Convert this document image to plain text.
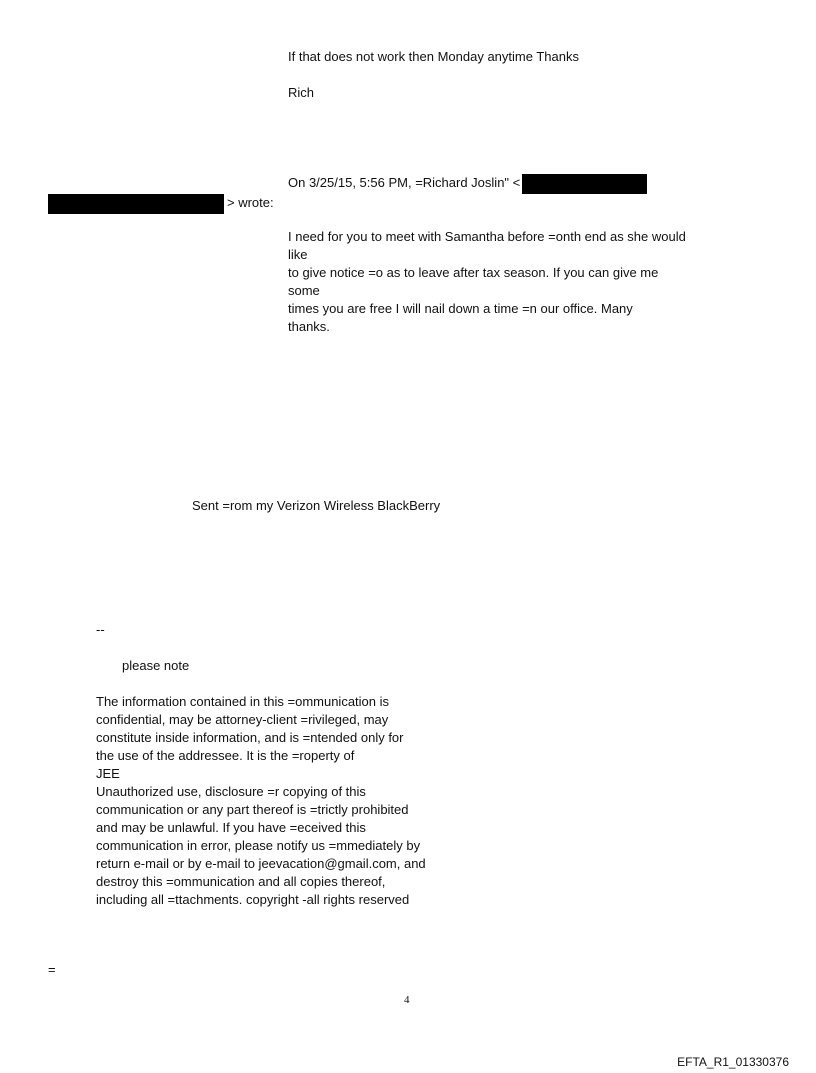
If that does not work then Monday anytime Thanks
Rich
On 3/25/15, 5:56 PM, =Richard Joslin" <
> wrote:
I need for you to meet with Samantha before =onth end as she would
like
to give notice =o as to leave after tax season. If you can give me
some
times you are free I will nail down a time =n our office. Many
thanks.
Sent =rom my Verizon Wireless BlackBerry
--
please note
The information contained in this =ommunication is
confidential, may be attorney-client =rivileged, may
constitute inside information, and is =ntended only for
the use of the addressee. It is the =roperty of
JEE
Unauthorized use, disclosure =r copying of this
communication or any part thereof is =trictly prohibited
and may be unlawful. If you have =eceived this
communication in error, please notify us =mmediately by
return e-mail or by e-mail to jeevacation@gmail.com, and
destroy this =ommunication and all copies thereof,
including all =ttachments. copyright -all rights reserved
=
4
EFTA_R1_01330376
